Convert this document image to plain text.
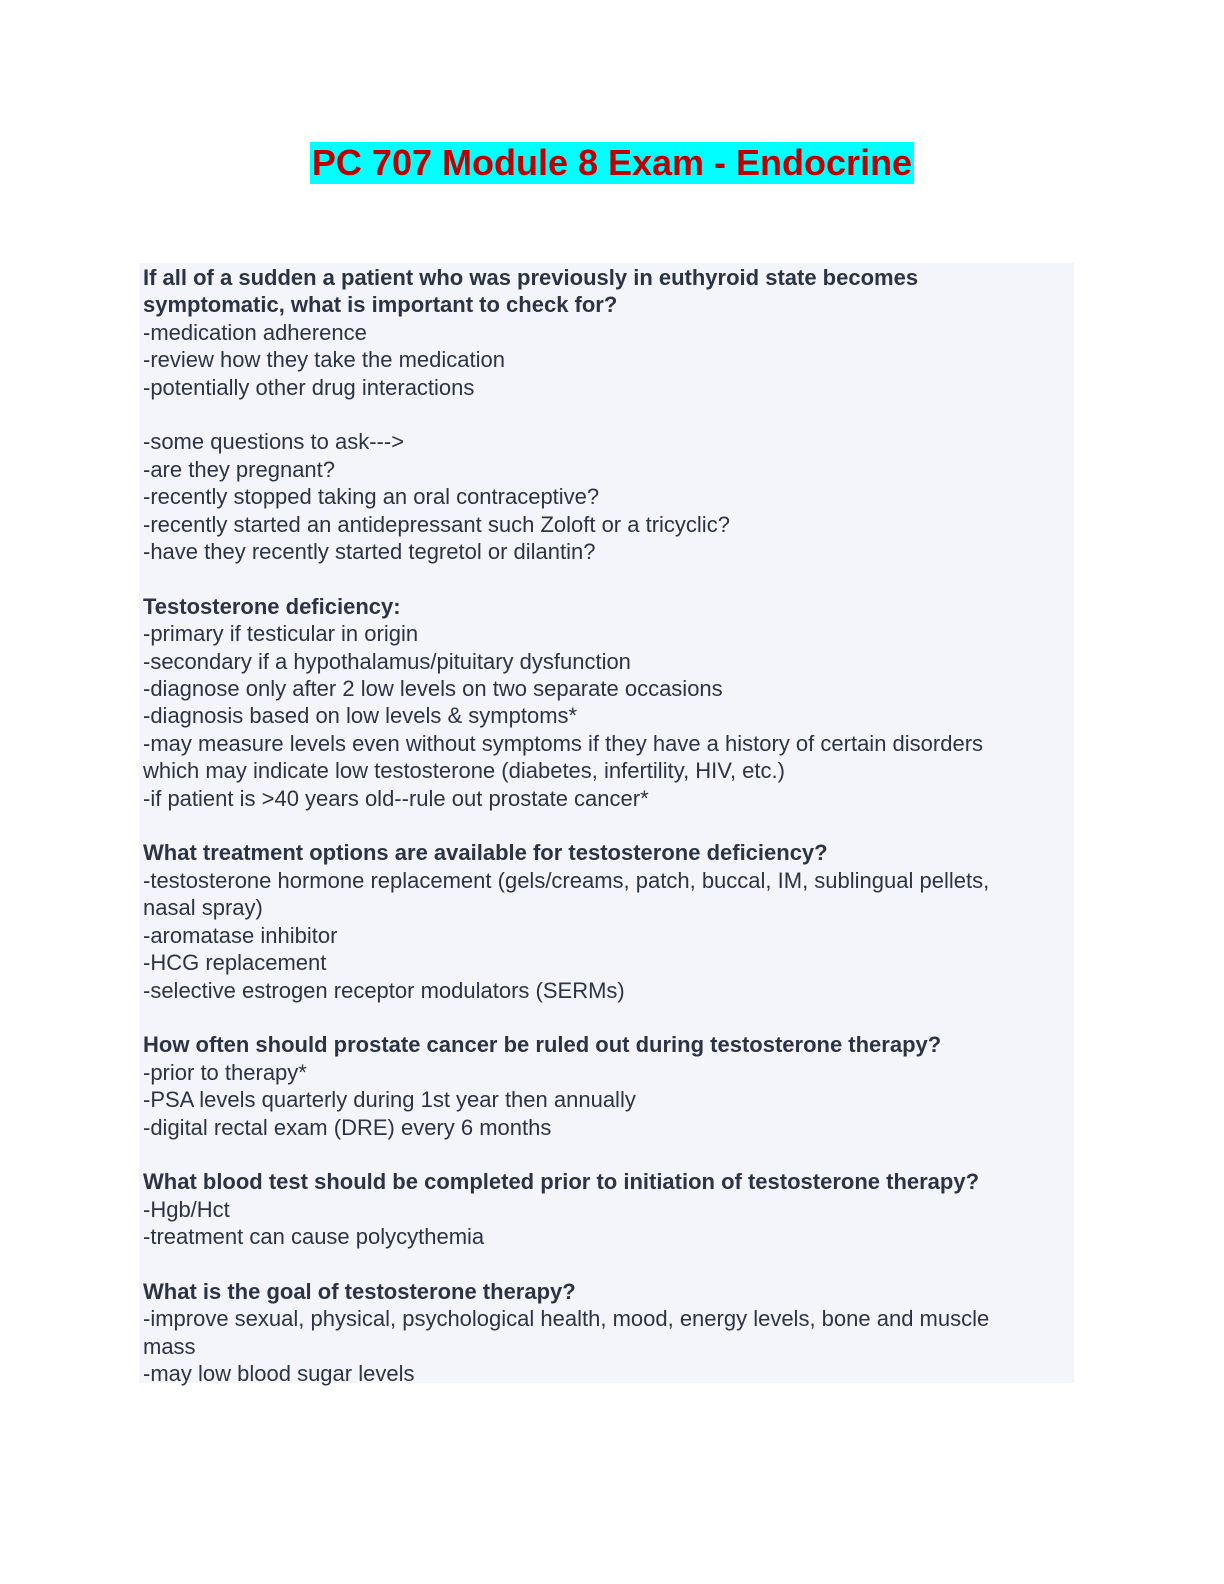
PC 707 Module 8 Exam - Endocrine
If all of a sudden a patient who was previously in euthyroid state becomes
symptomatic, what is important to check for?
-medication adherence
-review how they take the medication
-potentially other drug interactions
-some questions to ask--->
-are they pregnant?
-recently stopped taking an oral contraceptive?
-recently started an antidepressant such Zoloft or a tricyclic?
-have they recently started tegretol or dilantin?
Testosterone deficiency:
-primary if testicular in origin
-secondary if a hypothalamus/pituitary dysfunction
-diagnose only after 2 low levels on two separate occasions
-diagnosis based on low levels & symptoms*
-may measure levels even without symptoms if they have a history of certain disorders
which may indicate low testosterone (diabetes, infertility, HIV, etc.)
-if patient is >40 years old--rule out prostate cancer*
What treatment options are available for testosterone deficiency?
-testosterone hormone replacement (gels/creams, patch, buccal, IM, sublingual pellets,
nasal spray)
-aromatase inhibitor
-HCG replacement
-selective estrogen receptor modulators (SERMs)
How often should prostate cancer be ruled out during testosterone therapy?
-prior to therapy*
-PSA levels quarterly during 1st year then annually
-digital rectal exam (DRE) every 6 months
What blood test should be completed prior to initiation of testosterone therapy?
-Hgb/Hct
-treatment can cause polycythemia
What is the goal of testosterone therapy?
-improve sexual, physical, psychological health, mood, energy levels, bone and muscle
mass
-may low blood sugar levels
